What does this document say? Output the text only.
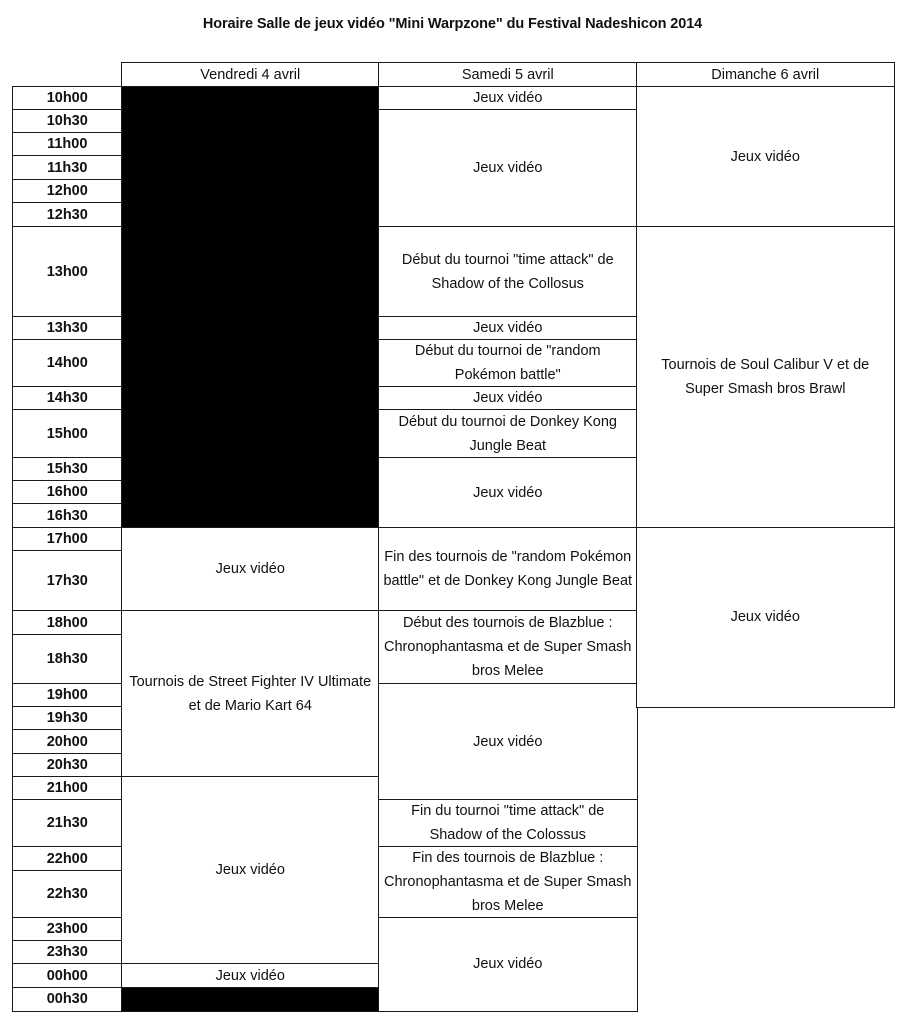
Horaire Salle de jeux vidéo "Mini Warpzone" du Festival Nadeshicon 2014
Vendredi 4 avril	Samedi 5 avril	Dimanche 6 avril
10h00
10h30
11h00
11h30
12h00
12h30
13h00
13h30
14h00
14h30
15h00
15h30
16h00
16h30
17h00
17h30
18h00
18h30
19h00
19h30
20h00
20h30
21h00
21h30
22h00
22h30
23h00
23h30
00h00
00h30
Jeux vidéo
Tournois de Street Fighter IV Ultimate et de Mario Kart 64
Jeux vidéo
Jeux vidéo
Jeux vidéo
Jeux vidéo
Début du tournoi "time attack" de Shadow of the Collosus
Jeux vidéo
Début du tournoi de "random Pokémon battle"
Jeux vidéo
Début du tournoi de Donkey Kong Jungle Beat
Jeux vidéo
Fin des tournois de "random Pokémon battle" et de Donkey Kong Jungle Beat
Début des tournois de Blazblue : Chronophantasma et de Super Smash bros Melee
Jeux vidéo
Fin du tournoi "time attack" de Shadow of the Colossus
Fin des tournois de Blazblue : Chronophantasma et de Super Smash bros Melee
Jeux vidéo
Jeux vidéo
Tournois de Soul Calibur V et de Super Smash bros Brawl
Jeux vidéo
